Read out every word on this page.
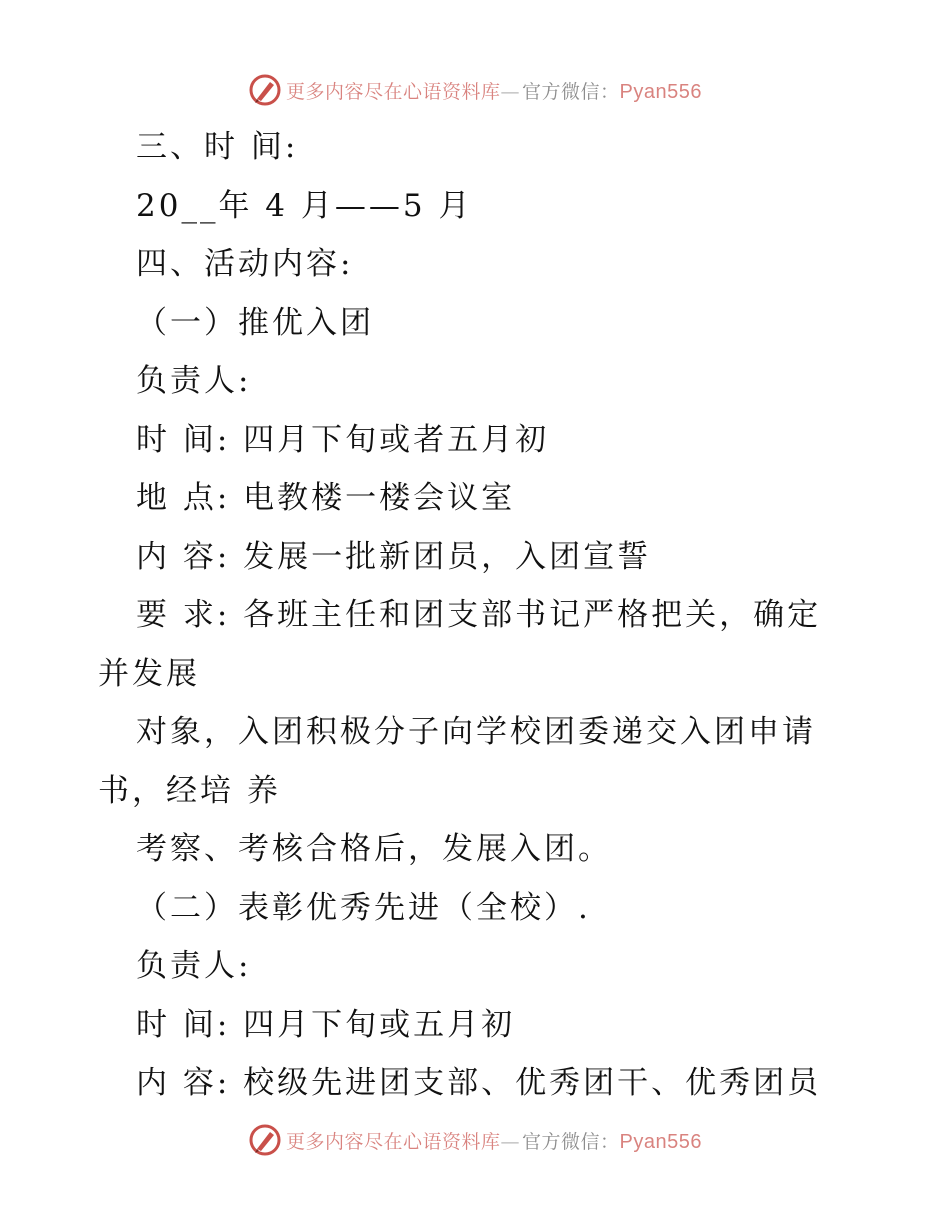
更多内容尽在心语资料库— 官方微信：Pyan556
三、时 间:
20__年 4 月——5 月
四、活动内容:
（一）推优入团
负责人:
时 间: 四月下旬或者五月初
地 点: 电教楼一楼会议室
内 容: 发展一批新团员，入团宣誓
要 求: 各班主任和团支部书记严格把关，确定
并发展
对象，入团积极分子向学校团委递交入团申请
书，经培 养
考察、考核合格后，发展入团。
（二）表彰优秀先进（全校）.
负责人:
时 间: 四月下旬或五月初
内 容: 校级先进团支部、优秀团干、优秀团员
更多内容尽在心语资料库— 官方微信：Pyan556
